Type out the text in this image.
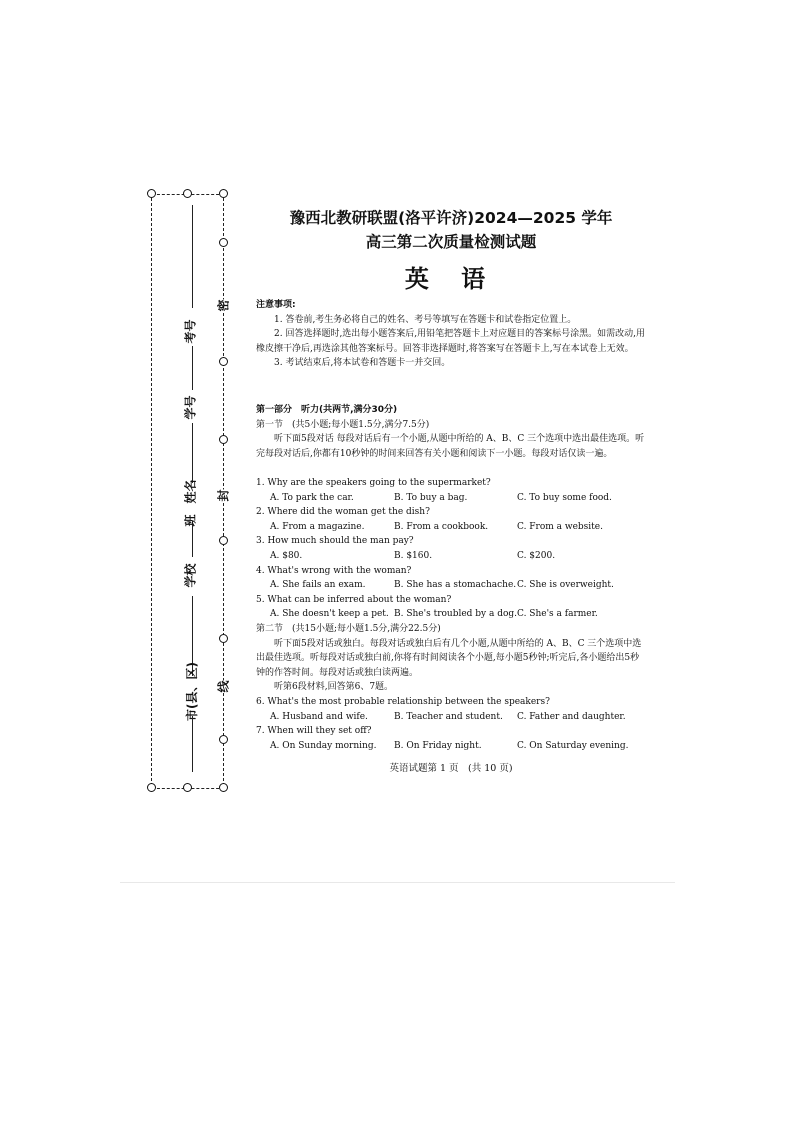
密
封
线
考号
学号
姓名
班
学校
市(县、区)
豫西北教研联盟(洛平许济)2024—2025 学年
高三第二次质量检测试题
英 语
注意事项:
1. 答卷前,考生务必将自己的姓名、考号等填写在答题卡和试卷指定位置上。
2. 回答选择题时,选出每小题答案后,用铅笔把答题卡上对应题目的答案标号涂黑。如需改动,用橡皮擦干净后,再选涂其他答案标号。回答非选择题时,将答案写在答题卡上,写在本试卷上无效。
3. 考试结束后,将本试卷和答题卡一并交回。
第一部分　听力(共两节,满分30分)
第一节　(共5小题;每小题1.5分,满分7.5分)
听下面5段对话 每段对话后有一个小题,从题中所给的 A、B、C 三个选项中选出最佳选项。听完每段对话后,你都有10秒钟的时间来回答有关小题和阅读下一小题。每段对话仅读一遍。
1. Why are the speakers going to the supermarket?
A. To park the car.	B. To buy a bag.	C. To buy some food.
2. Where did the woman get the dish?
A. From a magazine.	B. From a cookbook.	C. From a website.
3. How much should the man pay?
A. $80.	B. $160.	C. $200.
4. What's wrong with the woman?
A. She fails an exam.	B. She has a stomachache. C. She is overweight.
5. What can be inferred about the woman?
A. She doesn't keep a pet. B. She's troubled by a dog. C. She's a farmer.
第二节　(共15小题;每小题1.5分,满分22.5分)
听下面5段对话或独白。每段对话或独白后有几个小题,从题中所给的 A、B、C 三个选项中选出最佳选项。听每段对话或独白前,你将有时间阅读各个小题,每小题5秒钟;听完后,各小题给出5秒钟的作答时间。每段对话或独白读两遍。
听第6段材料,回答第6、7题。
6. What's the most probable relationship between the speakers?
A. Husband and wife.	B. Teacher and student. C. Father and daughter.
7. When will they set off?
A. On Sunday morning. B. On Friday night.	C. On Saturday evening.
英语试题第 1 页　(共 10 页)
